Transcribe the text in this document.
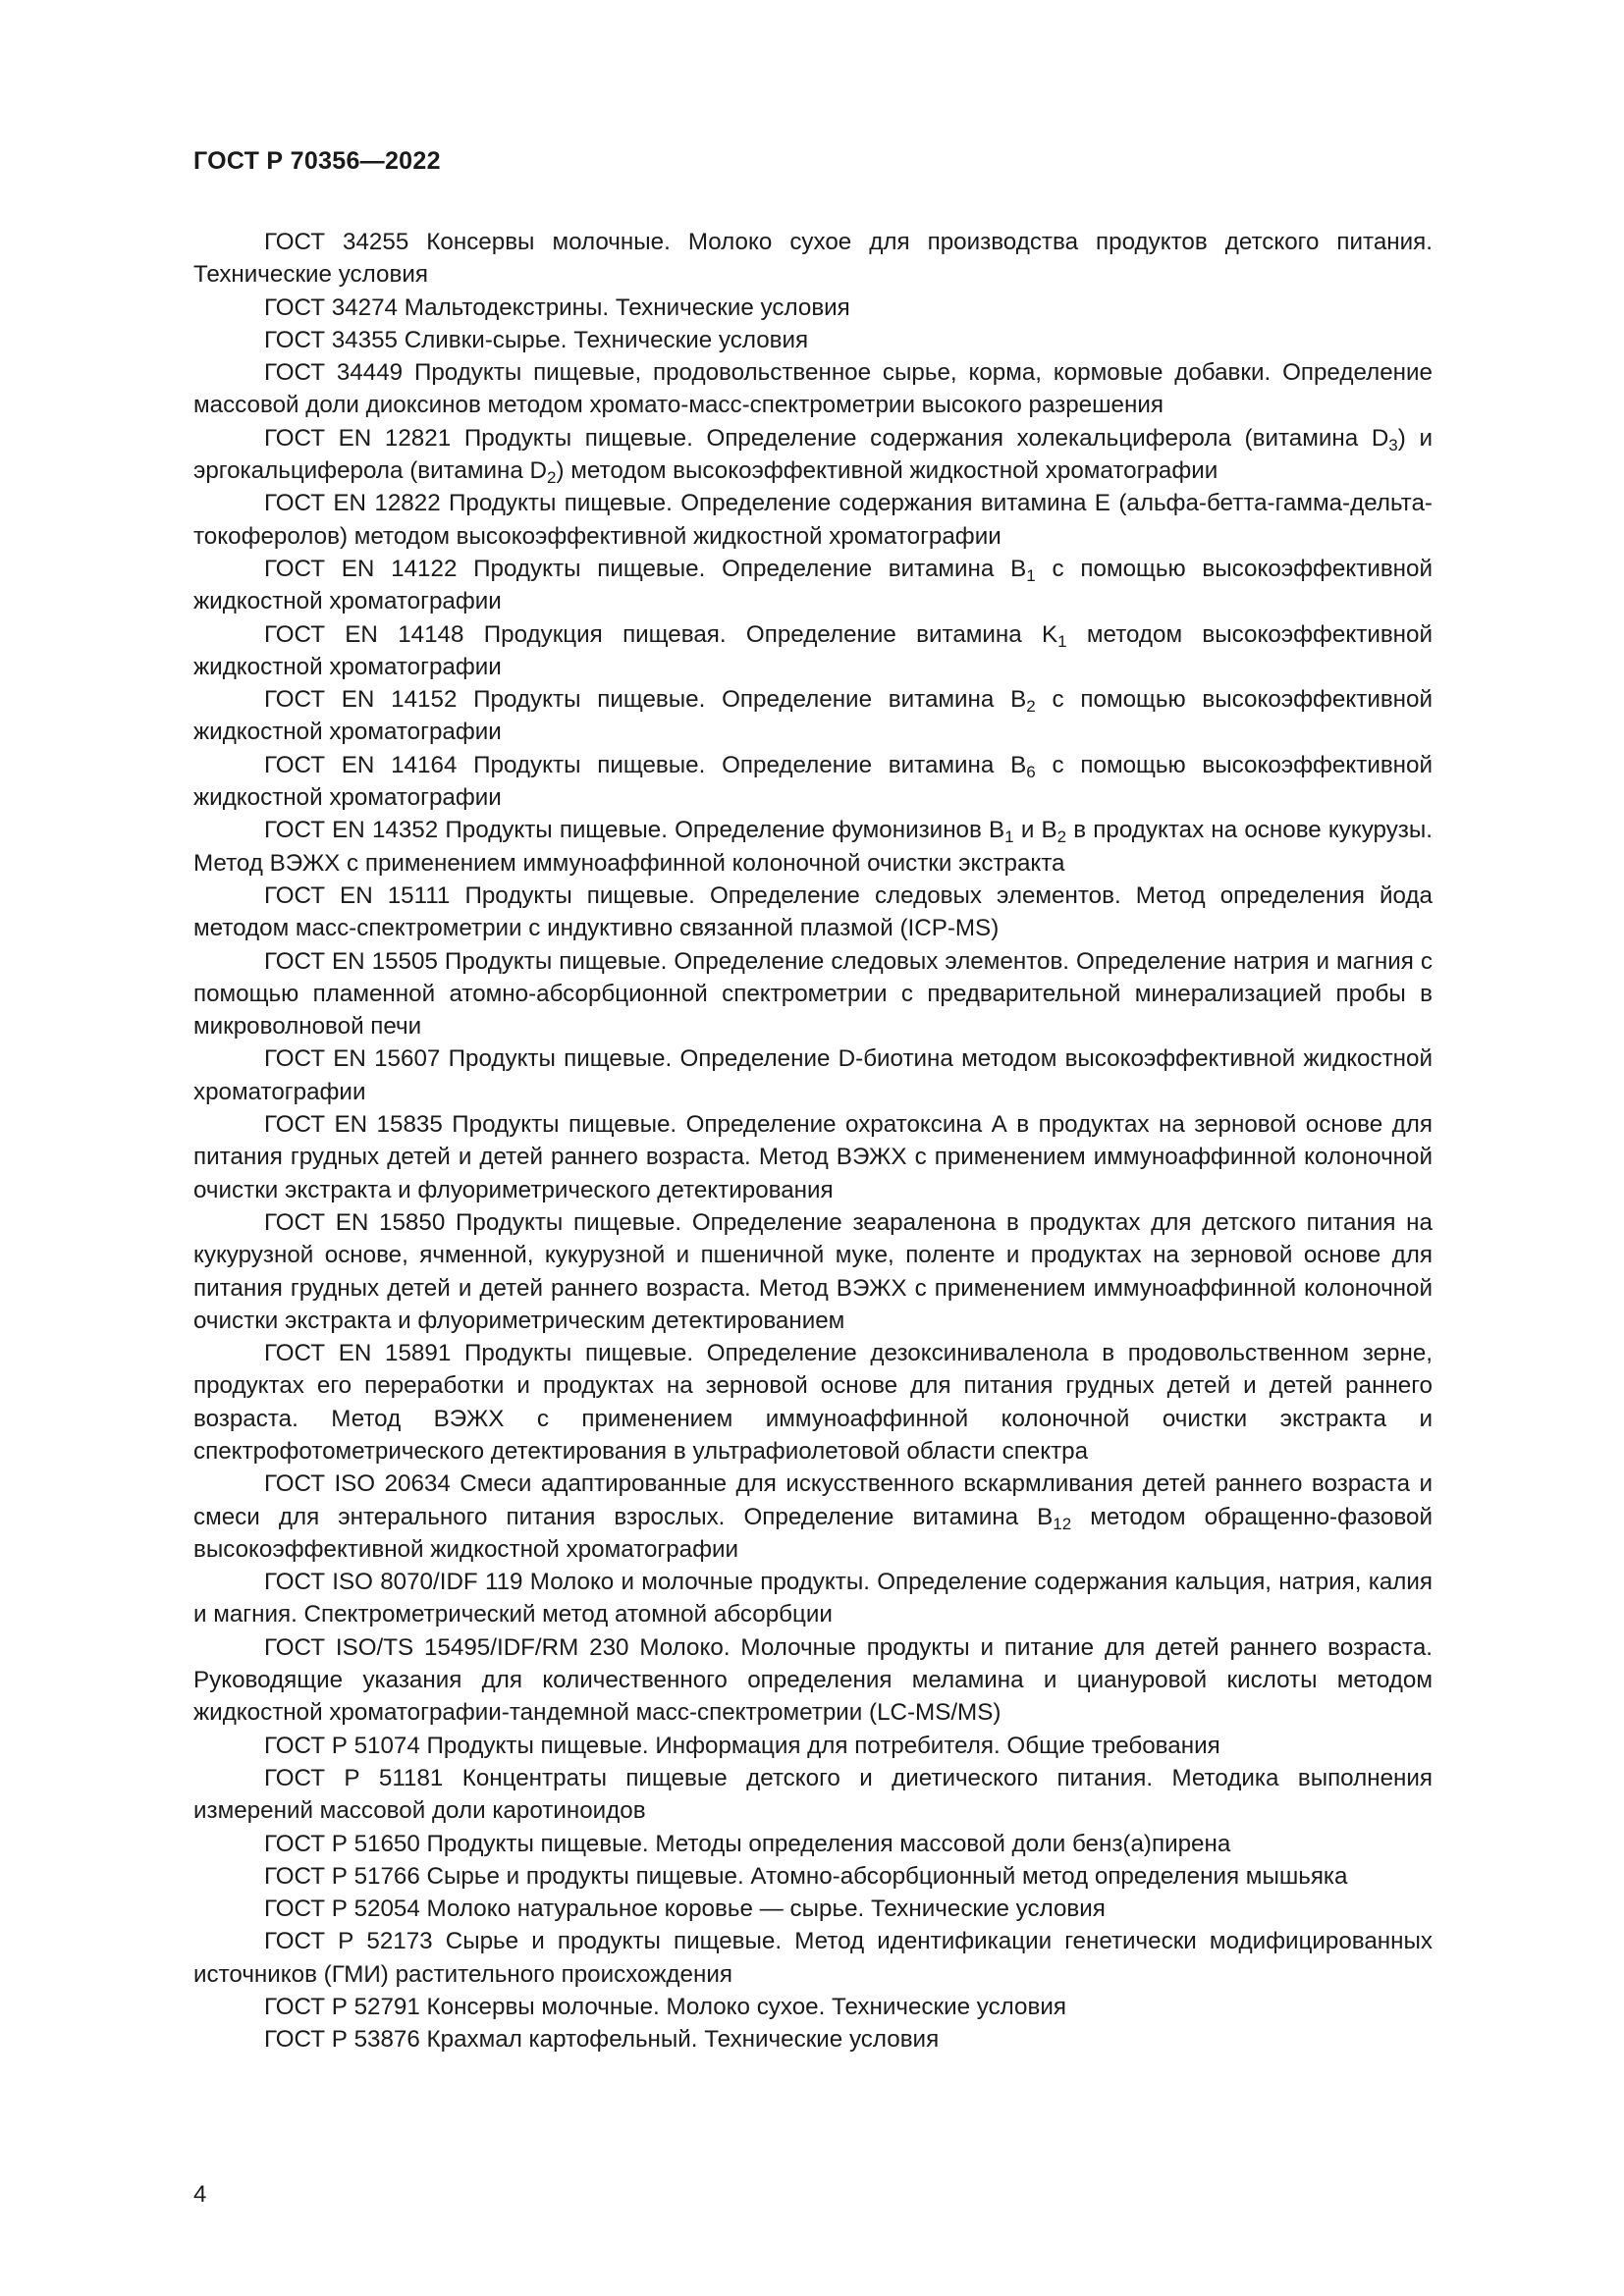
ГОСТ Р 70356—2022

ГОСТ 34255 Консервы молочные. Молоко сухое для производства продуктов детского питания. Технические условия

ГОСТ 34274 Мальтодекстрины. Технические условия

ГОСТ 34355 Сливки-сырье. Технические условия

ГОСТ 34449 Продукты пищевые, продовольственное сырье, корма, кормовые добавки. Определение массовой доли диоксинов методом хромато-масс-спектрометрии высокого разрешения

ГОСТ EN 12821 Продукты пищевые. Определение содержания холекальциферола (витамина $D_3$) и эргокальциферола (витамина $D_2$) методом высокоэффективной жидкостной хроматографии

ГОСТ EN 12822 Продукты пищевые. Определение содержания витамина Е (альфа-бетта-гамма-дельта-токоферолов) методом высокоэффективной жидкостной хроматографии

ГОСТ EN 14122 Продукты пищевые. Определение витамина $B_1$ с помощью высокоэффективной жидкостной хроматографии

ГОСТ EN 14148 Продукция пищевая. Определение витамина $K_1$ методом высокоэффективной жидкостной хроматографии

ГОСТ EN 14152 Продукты пищевые. Определение витамина $B_2$ с помощью высокоэффективной жидкостной хроматографии

ГОСТ EN 14164 Продукты пищевые. Определение витамина $B_6$ с помощью высокоэффективной жидкостной хроматографии

ГОСТ EN 14352 Продукты пищевые. Определение фумонизинов $B_1$ и $B_2$ в продуктах на основе кукурузы. Метод ВЭЖХ с применением иммуноаффинной колоночной очистки экстракта

ГОСТ EN 15111 Продукты пищевые. Определение следовых элементов. Метод определения йода методом масс-спектрометрии с индуктивно связанной плазмой (ICP-MS)

ГОСТ EN 15505 Продукты пищевые. Определение следовых элементов. Определение натрия и магния с помощью пламенной атомно-абсорбционной спектрометрии с предварительной минерализацией пробы в микроволновой печи

ГОСТ EN 15607 Продукты пищевые. Определение D-биотина методом высокоэффективной жидкостной хроматографии

ГОСТ EN 15835 Продукты пищевые. Определение охратоксина А в продуктах на зерновой основе для питания грудных детей и детей раннего возраста. Метод ВЭЖХ с применением иммуноаффинной колоночной очистки экстракта и флуориметрического детектирования

ГОСТ EN 15850 Продукты пищевые. Определение зеараленона в продуктах для детского питания на кукурузной основе, ячменной, кукурузной и пшеничной муке, поленте и продуктах на зерновой основе для питания грудных детей и детей раннего возраста. Метод ВЭЖХ с применением иммуноаффинной колоночной очистки экстракта и флуориметрическим детектированием

ГОСТ EN 15891 Продукты пищевые. Определение дезоксиниваленола в продовольственном зерне, продуктах его переработки и продуктах на зерновой основе для питания грудных детей и детей раннего возраста. Метод ВЭЖХ с применением иммуноаффинной колоночной очистки экстракта и спектрофотометрического детектирования в ультрафиолетовой области спектра

ГОСТ ISO 20634 Смеси адаптированные для искусственного вскармливания детей раннего возраста и смеси для энтерального питания взрослых. Определение витамина $B_{12}$ методом обращенно-фазовой высокоэффективной жидкостной хроматографии

ГОСТ ISO 8070/IDF 119 Молоко и молочные продукты. Определение содержания кальция, натрия, калия и магния. Спектрометрический метод атомной абсорбции

ГОСТ ISO/TS 15495/IDF/RM 230 Молоко. Молочные продукты и питание для детей раннего возраста. Руководящие указания для количественного определения меламина и циануровой кислоты методом жидкостной хроматографии-тандемной масс-спектрометрии (LC-MS/MS)

ГОСТ Р 51074 Продукты пищевые. Информация для потребителя. Общие требования

ГОСТ Р 51181 Концентраты пищевые детского и диетического питания. Методика выполнения измерений массовой доли каротиноидов

ГОСТ Р 51650 Продукты пищевые. Методы определения массовой доли бенз(а)пирена

ГОСТ Р 51766 Сырье и продукты пищевые. Атомно-абсорбционный метод определения мышьяка

ГОСТ Р 52054 Молоко натуральное коровье — сырье. Технические условия

ГОСТ Р 52173 Сырье и продукты пищевые. Метод идентификации генетически модифицированных источников (ГМИ) растительного происхождения

ГОСТ Р 52791 Консервы молочные. Молоко сухое. Технические условия

ГОСТ Р 53876 Крахмал картофельный. Технические условия

4
